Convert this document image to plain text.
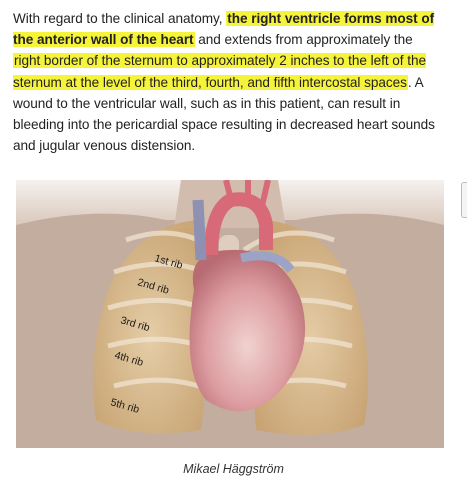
With regard to the clinical anatomy, the right ventricle forms most of the anterior wall of the heart and extends from approximately the right border of the sternum to approximately 2 inches to the left of the sternum at the level of the third, fourth, and fifth intercostal spaces. A wound to the ventricular wall, such as in this patient, can result in bleeding into the pericardial space resulting in decreased heart sounds and jugular venous distension.

1st rib
2nd rib
3rd rib
4th rib
5th rib
Mikael Häggström
